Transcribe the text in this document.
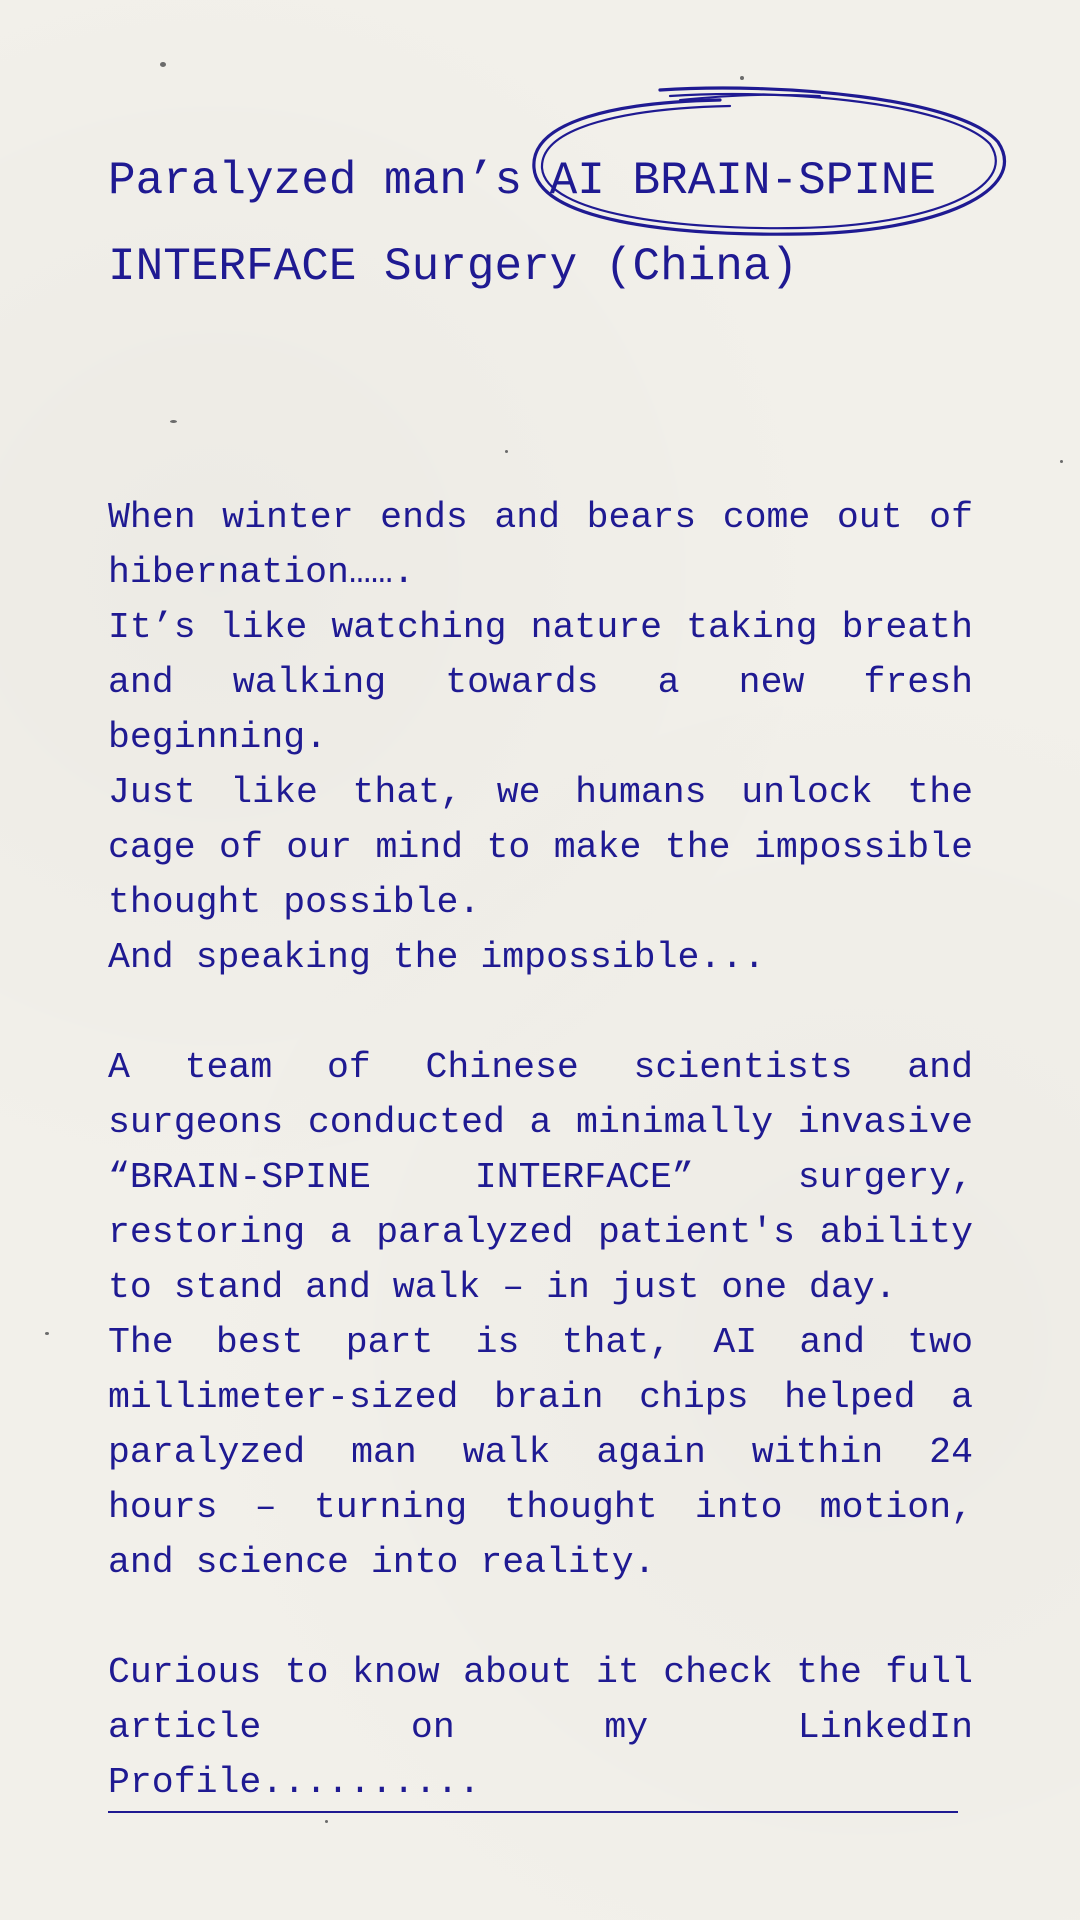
Paralyzed man’s AI BRAIN-SPINE
INTERFACE Surgery (China)

When winter ends and bears come out of hibernation…….

It’s like watching nature taking breath and walking towards a new fresh beginning.

Just like that, we humans unlock the cage of our mind to make the impossible thought possible.

And speaking the impossible...

A team of Chinese scientists and surgeons conducted a minimally invasive “BRAIN-SPINE INTERFACE” surgery, restoring a paralyzed patient's ability to stand and walk – in just one day.

The best part is that, AI and two millimeter-sized brain chips helped a paralyzed man walk again within 24 hours – turning thought into motion, and science into reality.

Curious to know about it check the full article on my LinkedIn Profile..........
